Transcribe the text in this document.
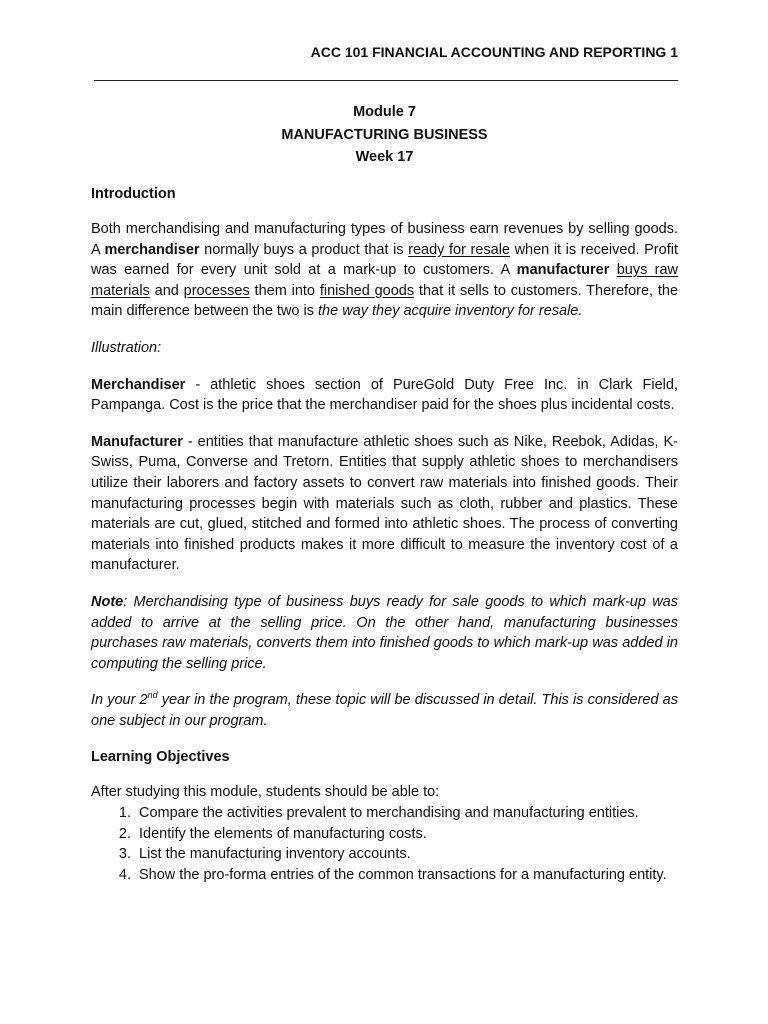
ACC 101 FINANCIAL ACCOUNTING AND REPORTING 1
Module 7
MANUFACTURING BUSINESS
Week 17
Introduction

Both merchandising and manufacturing types of business earn revenues by selling goods. A merchandiser normally buys a product that is ready for resale when it is received. Profit was earned for every unit sold at a mark-up to customers. A manufacturer buys raw materials and processes them into finished goods that it sells to customers. Therefore, the main difference between the two is the way they acquire inventory for resale.

Illustration:

Merchandiser - athletic shoes section of PureGold Duty Free Inc. in Clark Field, Pampanga. Cost is the price that the merchandiser paid for the shoes plus incidental costs.

Manufacturer - entities that manufacture athletic shoes such as Nike, Reebok, Adidas, K-Swiss, Puma, Converse and Tretorn. Entities that supply athletic shoes to merchandisers utilize their laborers and factory assets to convert raw materials into finished goods. Their manufacturing processes begin with materials such as cloth, rubber and plastics. These materials are cut, glued, stitched and formed into athletic shoes. The process of converting materials into finished products makes it more difficult to measure the inventory cost of a manufacturer.

Note: Merchandising type of business buys ready for sale goods to which mark-up was added to arrive at the selling price. On the other hand, manufacturing businesses purchases raw materials, converts them into finished goods to which mark-up was added in computing the selling price.

In your 2nd year in the program, these topic will be discussed in detail. This is considered as one subject in our program.

Learning Objectives

After studying this module, students should be able to:

1. Compare the activities prevalent to merchandising and manufacturing entities.
2. Identify the elements of manufacturing costs.
3. List the manufacturing inventory accounts.
4. Show the pro-forma entries of the common transactions for a manufacturing entity.
